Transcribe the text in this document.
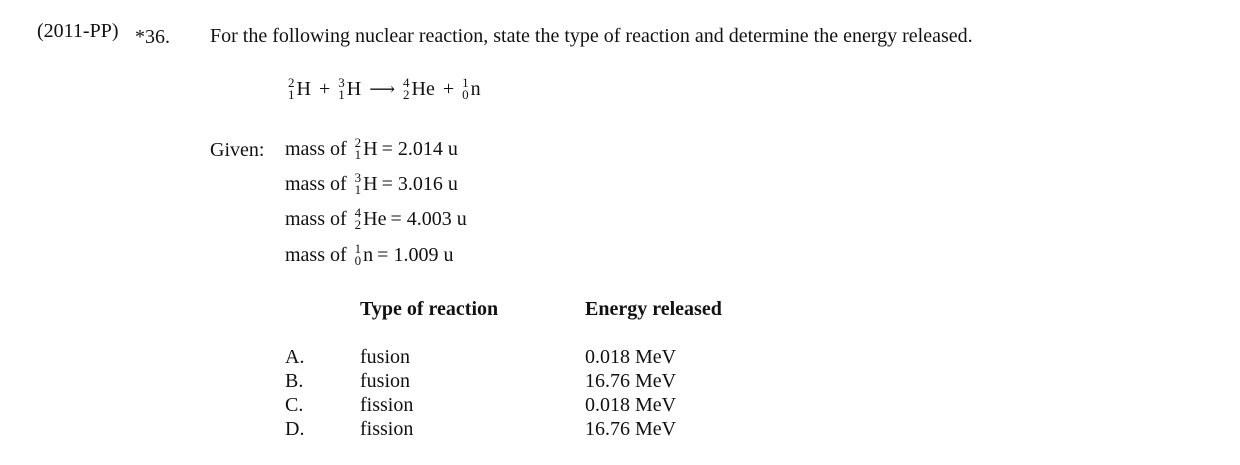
(2011-PP) *36. For the following nuclear reaction, state the type of reaction and determine the energy released.
2
1 H + 3
1 H ⟶ 4
2 He + 1
0 n
Given: mass of 2
1 H = 2.014 u
mass of 3
1 H = 3.016 u
mass of 4
2 He = 4.003 u
mass of 1
0 n = 1.009 u
Type of reaction	Energy released
A.	fusion	0.018 MeV
B.	fusion	16.76 MeV
C.	fission	0.018 MeV
D.	fission	16.76 MeV
